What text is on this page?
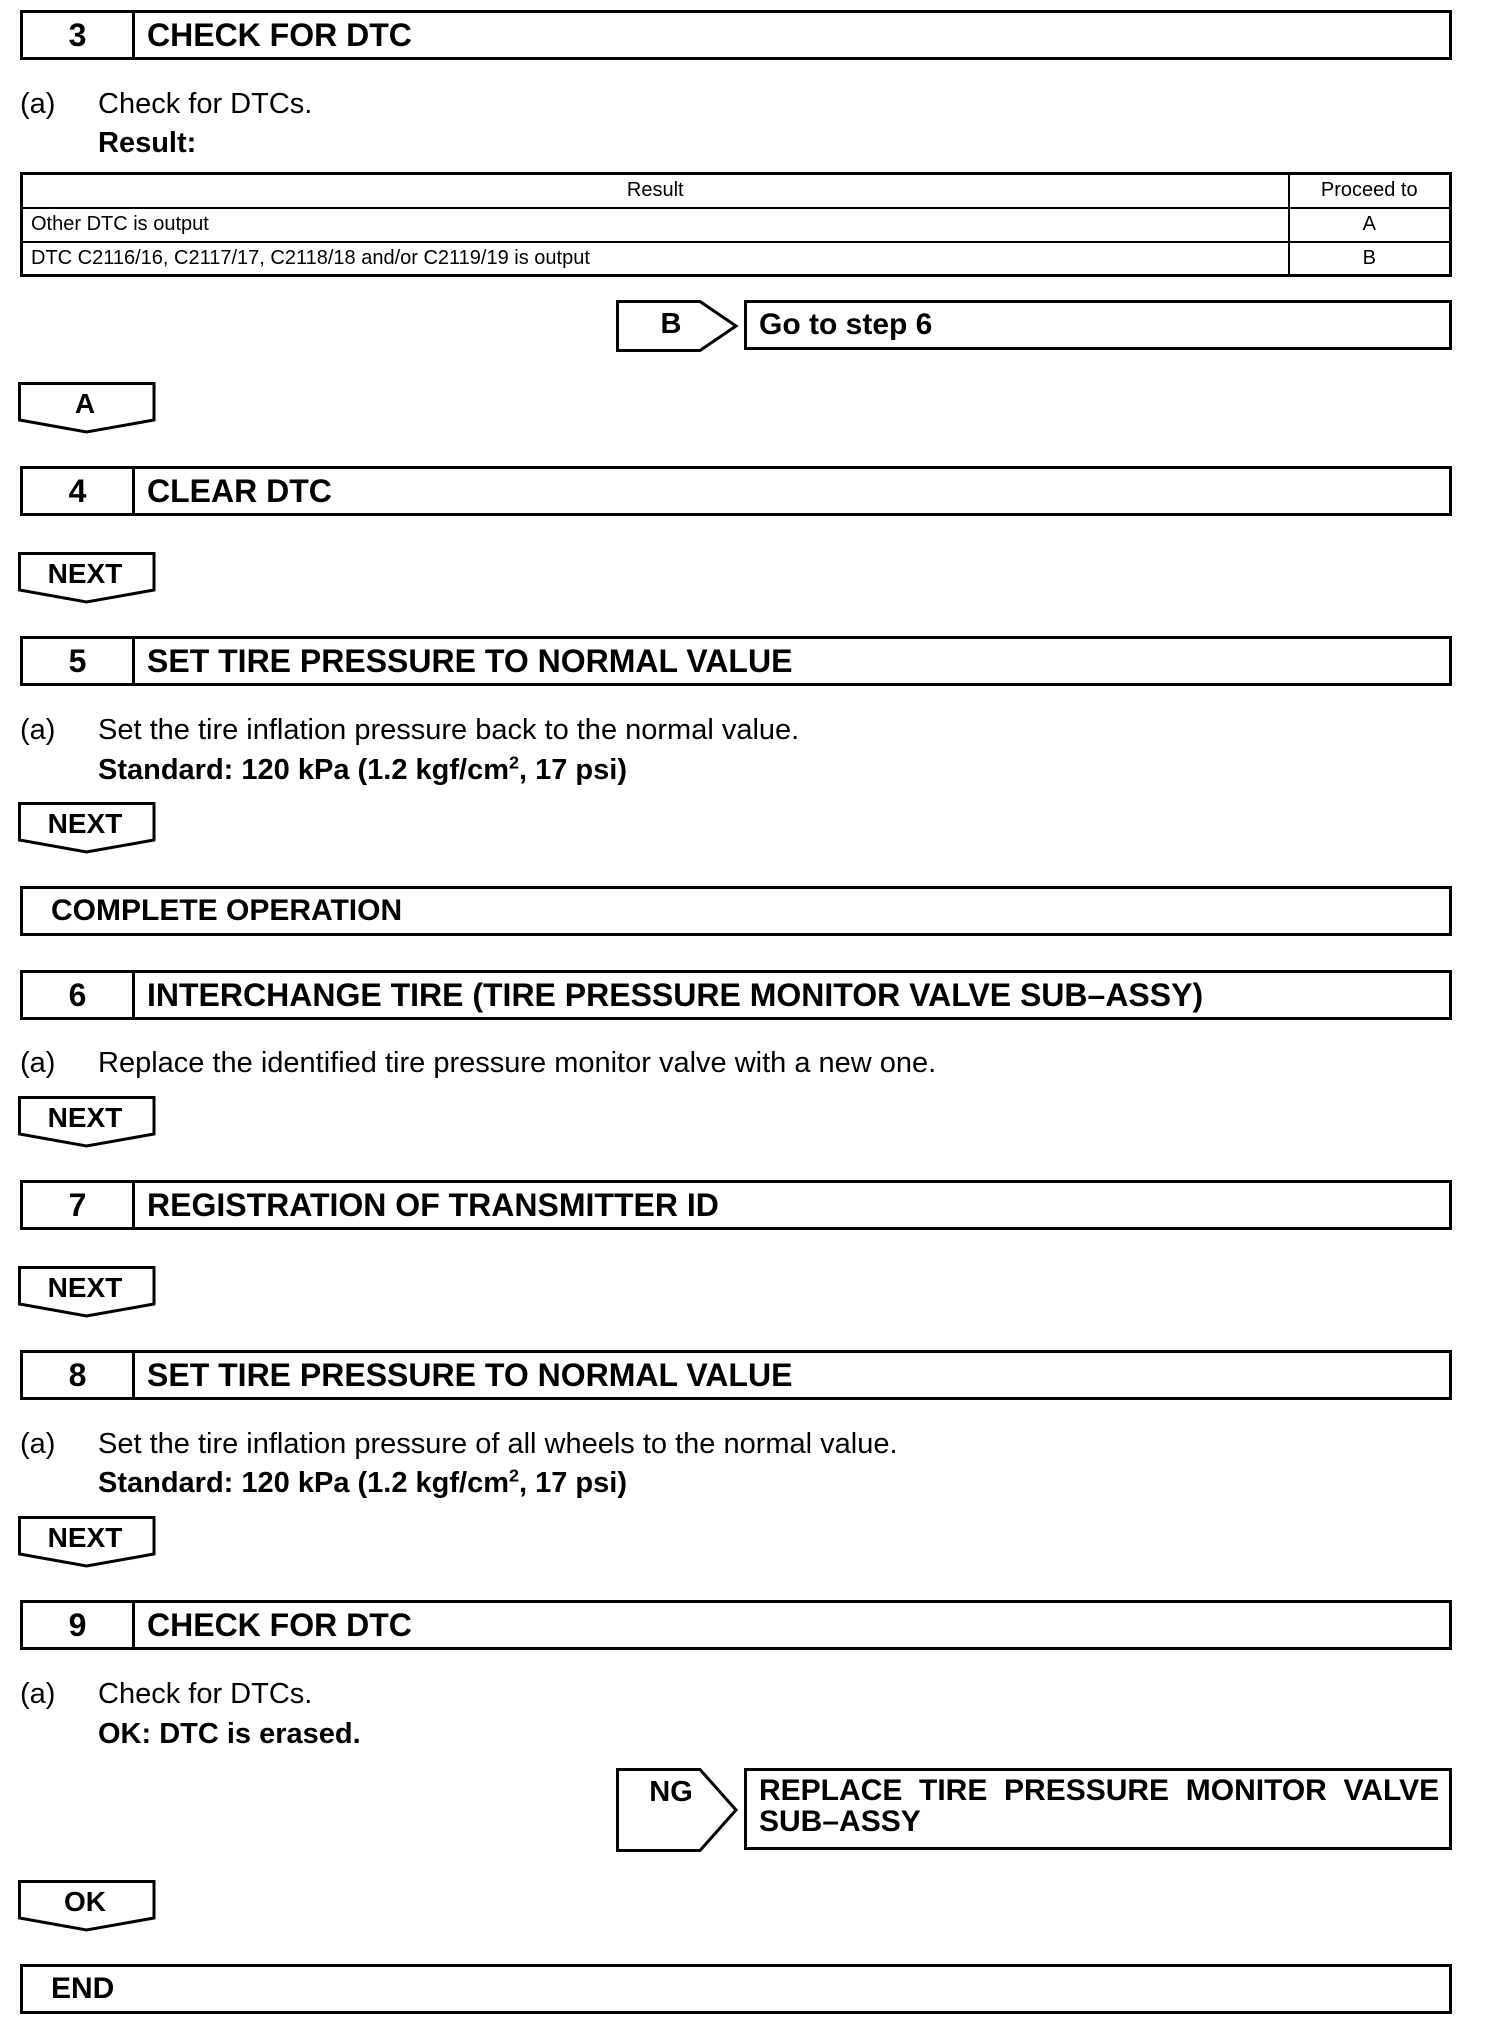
3	CHECK FOR DTC
(a) Check for DTCs.
Result:
Result	Proceed to
Other DTC is output	A
DTC C2116/16, C2117/17, C2118/18 and/or C2119/19 is output	B
B	Go to step 6
A
4	CLEAR DTC
NEXT
5	SET TIRE PRESSURE TO NORMAL VALUE
(a) Set the tire inflation pressure back to the normal value.
Standard: 120 kPa (1.2 kgf/$cm^2$, 17 psi)
NEXT
COMPLETE OPERATION
6	INTERCHANGE TIRE (TIRE PRESSURE MONITOR VALVE SUB–ASSY)
(a) Replace the identified tire pressure monitor valve with a new one.
NEXT
7	REGISTRATION OF TRANSMITTER ID
NEXT
8	SET TIRE PRESSURE TO NORMAL VALUE
(a) Set the tire inflation pressure of all wheels to the normal value.
Standard: 120 kPa (1.2 kgf/$cm^2$, 17 psi)
NEXT
9	CHECK FOR DTC
(a) Check for DTCs.
OK: DTC is erased.
NG	REPLACE  TIRE  PRESSURE  MONITOR  VALVE
SUB–ASSY
OK
END
